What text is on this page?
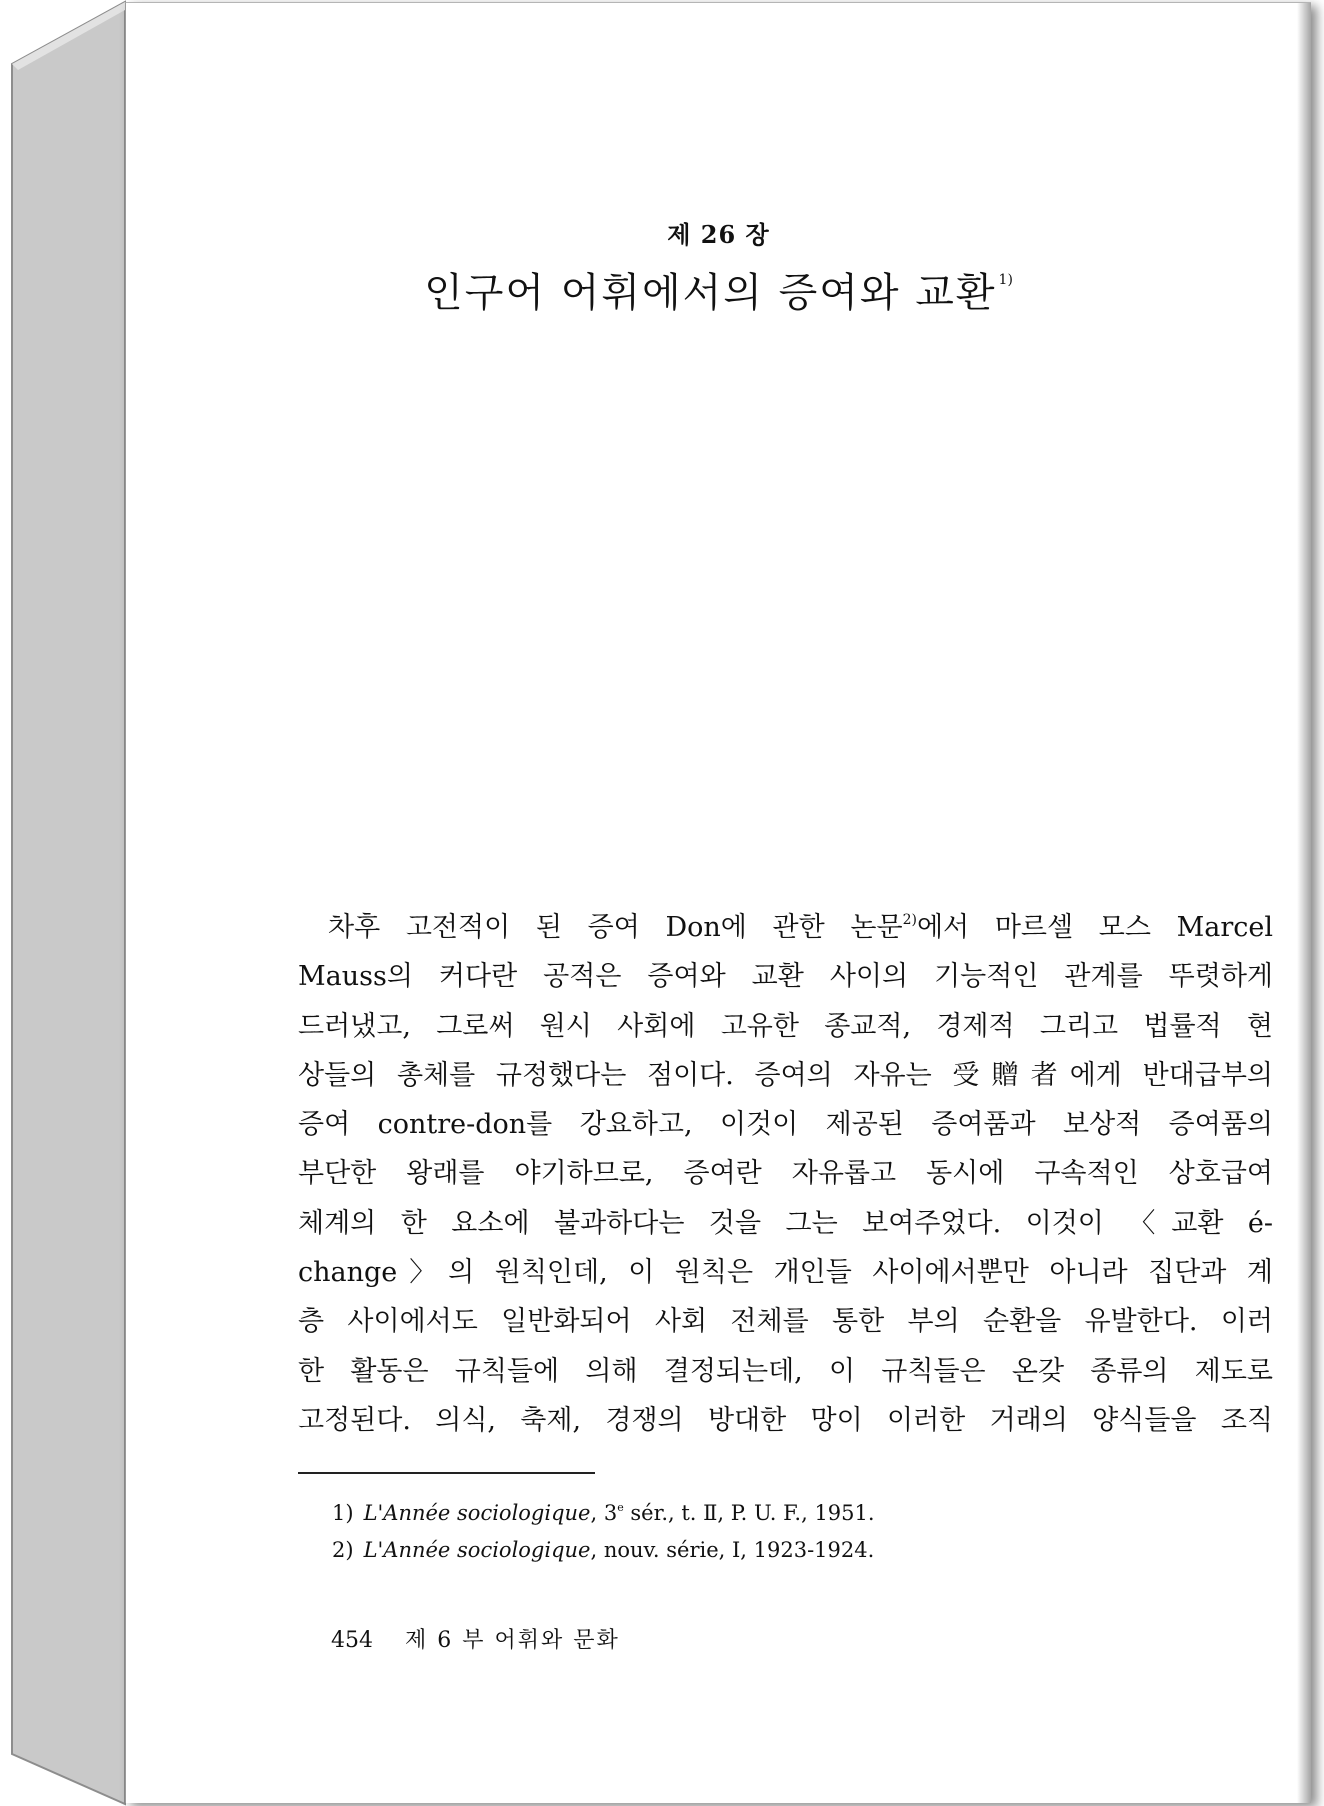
제 26 장
인구어 어휘에서의 증여와 교환 $^{1)}$
차후 고전적이 된 증여 Don에 관한 논문$^{2)}$에서 마르셀 모스 Marcel
Mauss의 커다란 공적은 증여와 교환 사이의 기능적인 관계를 뚜렷하게
드러냈고, 그로써 원시 사회에 고유한 종교적, 경제적 그리고 법률적 현
상들의 총체를 규정했다는 점이다. 증여의 자유는 受贈者에게 반대급부의
증여 contre-don를 강요하고, 이것이 제공된 증여품과 보상적 증여품의
부단한 왕래를 야기하므로, 증여란 자유롭고 동시에 구속적인 상호급여
체계의 한 요소에 불과하다는 것을 그는 보여주었다. 이것이 〈교환 é-
change〉의 원칙인데, 이 원칙은 개인들 사이에서뿐만 아니라 집단과 계
층 사이에서도 일반화되어 사회 전체를 통한 부의 순환을 유발한다. 이러
한 활동은 규칙들에 의해 결정되는데, 이 규칙들은 온갖 종류의 제도로
고정된다. 의식, 축제, 경쟁의 방대한 망이 이러한 거래의 양식들을 조직
1) L'Année sociologique, 3e sér., t. Ⅱ, P. U. F., 1951.
2) L'Année sociologique, nouv. série, Ⅰ, 1923-1924.
454 제 6 부 어휘와 문화
